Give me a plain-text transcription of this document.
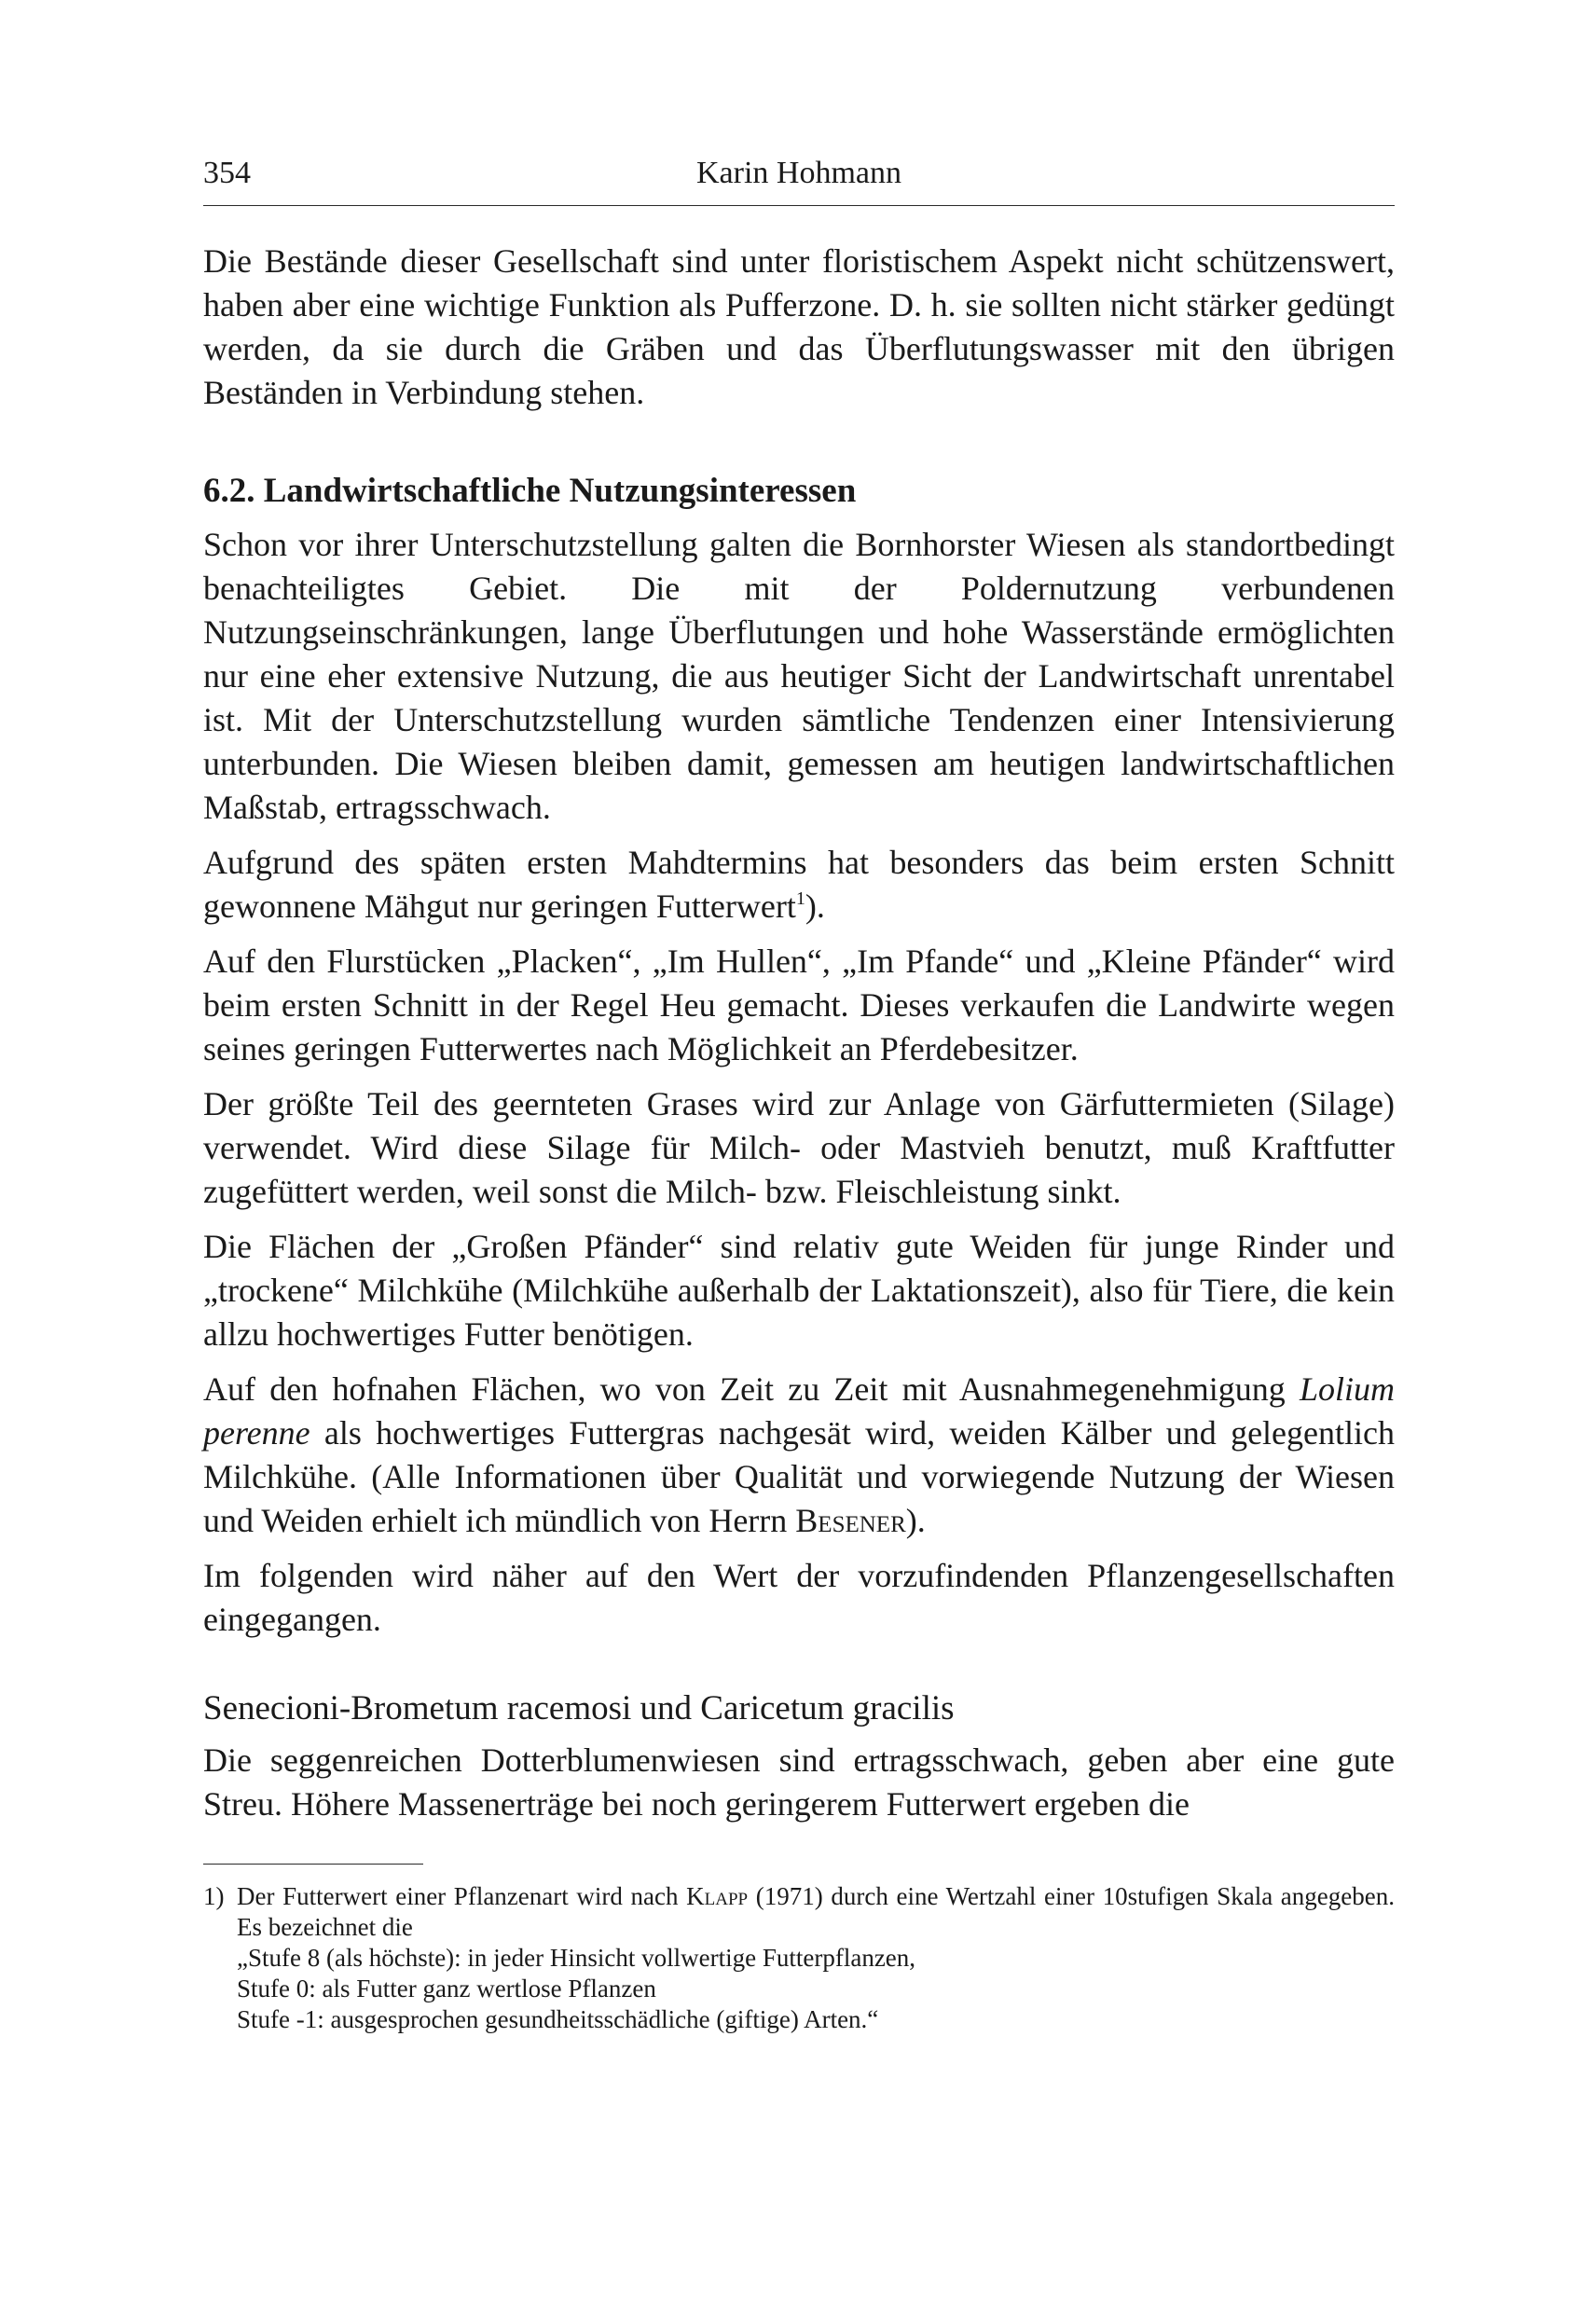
354	Karin Hohmann

Die Bestände dieser Gesellschaft sind unter floristischem Aspekt nicht schützenswert, haben aber eine wichtige Funktion als Pufferzone. D. h. sie sollten nicht stärker gedüngt werden, da sie durch die Gräben und das Überflutungswasser mit den übrigen Beständen in Verbindung stehen.

6.2. Landwirtschaftliche Nutzungsinteressen

Schon vor ihrer Unterschutzstellung galten die Bornhorster Wiesen als standortbedingt benachteiligtes Gebiet. Die mit der Poldernutzung verbundenen Nutzungseinschränkungen, lange Überflutungen und hohe Wasserstände ermöglichten nur eine eher extensive Nutzung, die aus heutiger Sicht der Landwirtschaft unrentabel ist. Mit der Unterschutzstellung wurden sämtliche Tendenzen einer Intensivierung unterbunden. Die Wiesen bleiben damit, gemessen am heutigen landwirtschaftlichen Maßstab, ertragsschwach.

Aufgrund des späten ersten Mahdtermins hat besonders das beim ersten Schnitt gewonnene Mähgut nur geringen Futterwert$^1$).

Auf den Flurstücken „Placken“, „Im Hullen“, „Im Pfande“ und „Kleine Pfänder“ wird beim ersten Schnitt in der Regel Heu gemacht. Dieses verkaufen die Landwirte wegen seines geringen Futterwertes nach Möglichkeit an Pferdebesitzer.

Der größte Teil des geernteten Grases wird zur Anlage von Gärfuttermieten (Silage) verwendet. Wird diese Silage für Milch- oder Mastvieh benutzt, muß Kraftfutter zugefüttert werden, weil sonst die Milch- bzw. Fleischleistung sinkt.

Die Flächen der „Großen Pfänder“ sind relativ gute Weiden für junge Rinder und „trockene“ Milchkühe (Milchkühe außerhalb der Laktationszeit), also für Tiere, die kein allzu hochwertiges Futter benötigen.

Auf den hofnahen Flächen, wo von Zeit zu Zeit mit Ausnahmegenehmigung Lolium perenne als hochwertiges Futtergras nachgesät wird, weiden Kälber und gelegentlich Milchkühe. (Alle Informationen über Qualität und vorwiegende Nutzung der Wiesen und Weiden erhielt ich mündlich von Herrn Besener).

Im folgenden wird näher auf den Wert der vorzufindenden Pflanzengesellschaften eingegangen.

Senecioni-Brometum racemosi und Caricetum gracilis

Die seggenreichen Dotterblumenwiesen sind ertragsschwach, geben aber eine gute Streu. Höhere Massenerträge bei noch geringerem Futterwert ergeben die

1) Der Futterwert einer Pflanzenart wird nach Klapp (1971) durch eine Wertzahl einer 10stufigen Skala angegeben. Es bezeichnet die
„Stufe 8 (als höchste): in jeder Hinsicht vollwertige Futterpflanzen,
Stufe 0: als Futter ganz wertlose Pflanzen
Stufe -1: ausgesprochen gesundheitsschädliche (giftige) Arten.“
